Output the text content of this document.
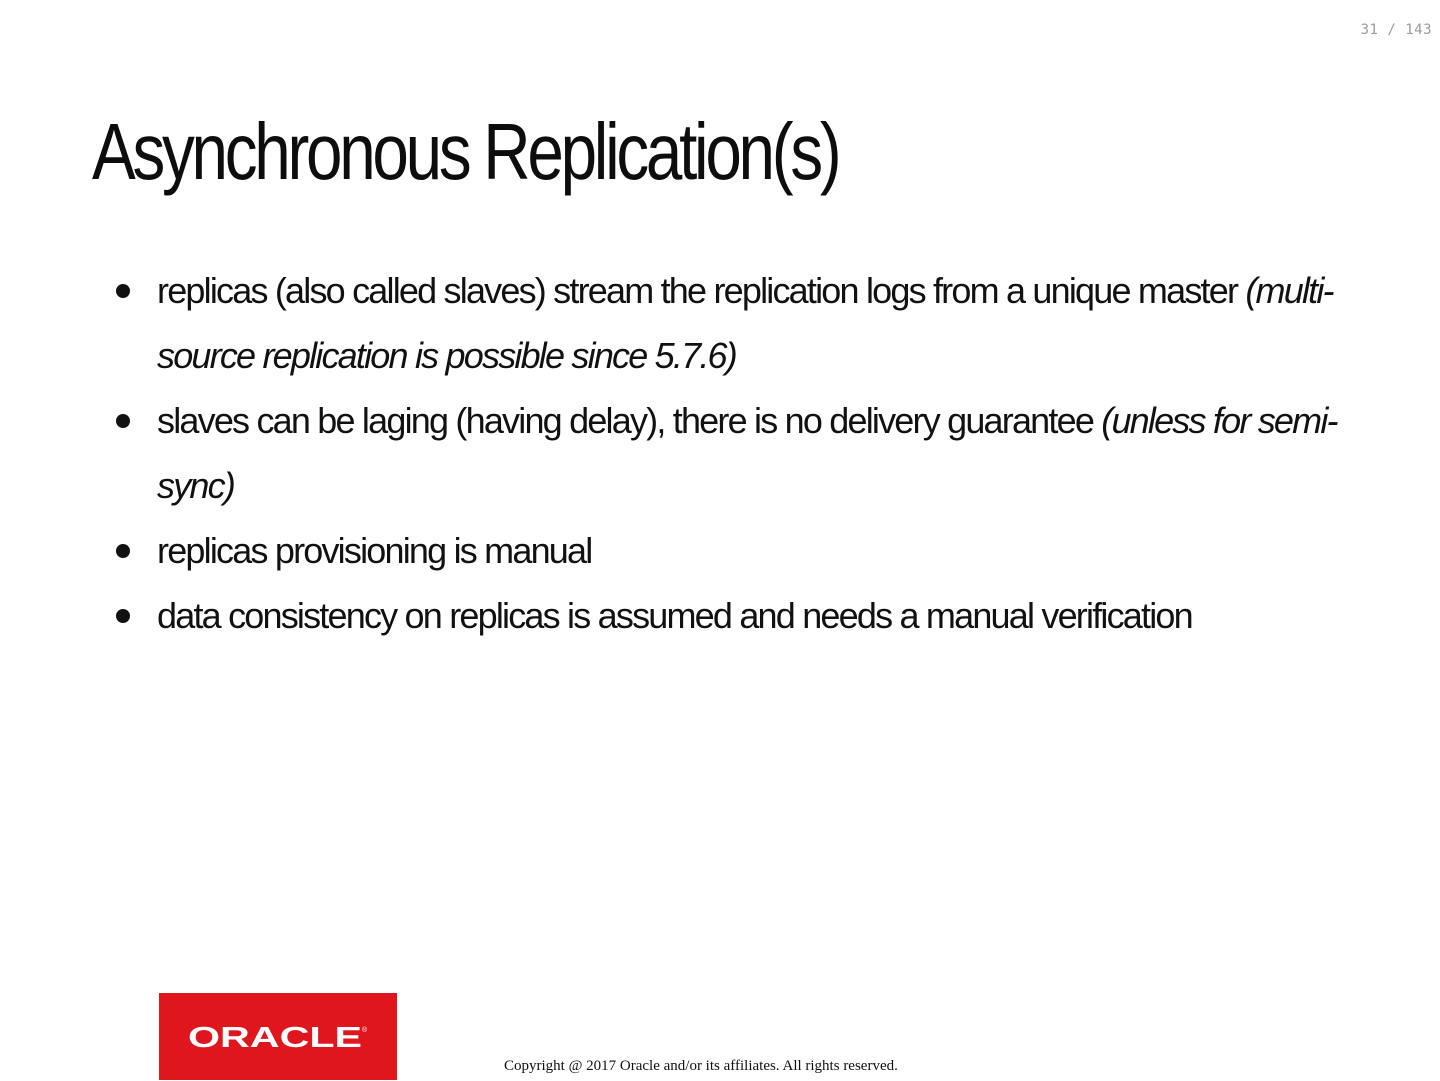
31 / 143
Asynchronous Replication(s)
replicas (also called slaves) stream the replication logs from a unique master (multi-source replication is possible since 5.7.6)
slaves can be laging (having delay), there is no delivery guarantee (unless for semi-sync)
replicas provisioning is manual
data consistency on replicas is assumed and needs a manual verification
ORACLE ®
Copyright @ 2017 Oracle and/or its affiliates. All rights reserved.
